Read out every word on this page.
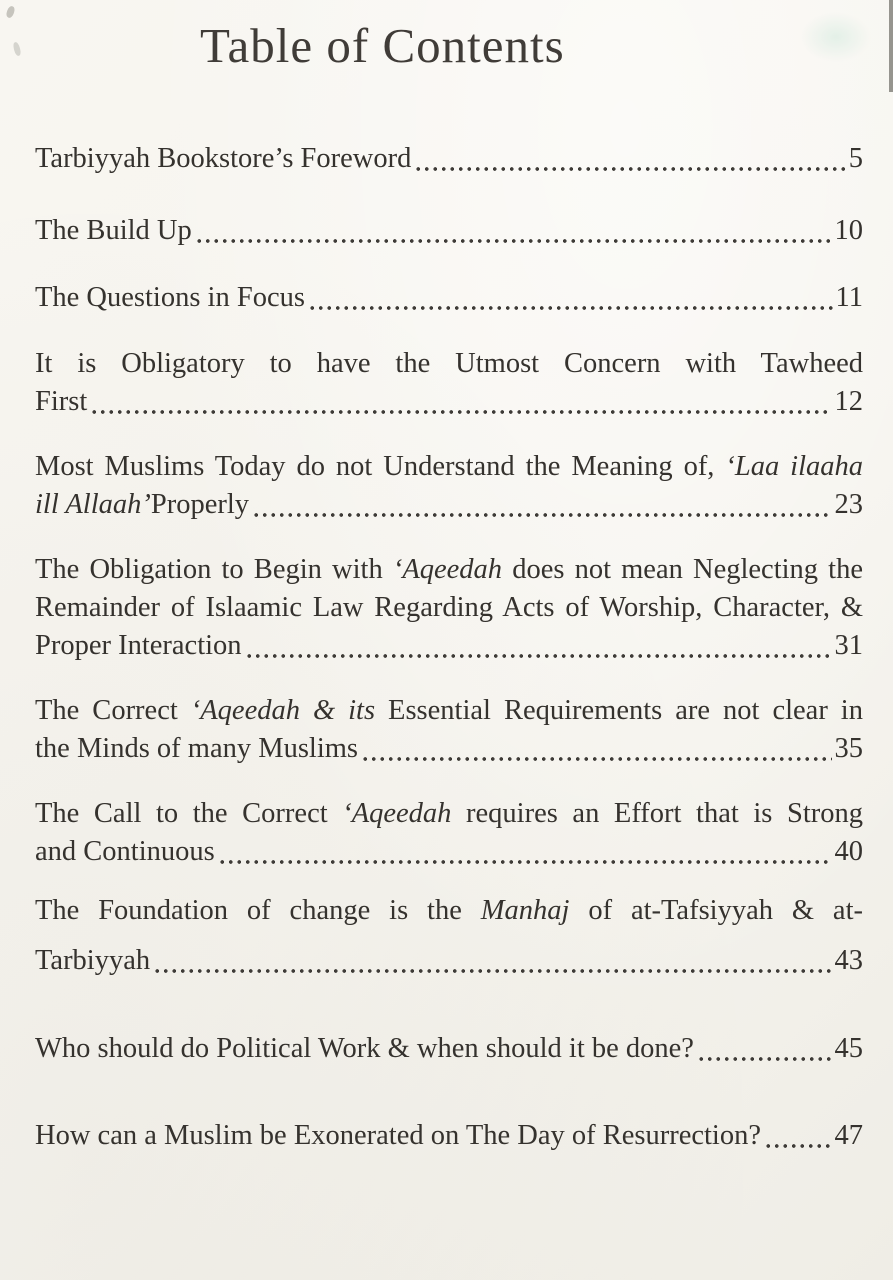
Table of Contents
Tarbiyyah Bookstore’s Foreword	5
The Build Up	10
The Questions in Focus	11
It is Obligatory to have the Utmost Concern with Tawheed
First	12
Most Muslims Today do not Understand the Meaning of, ‘Laa ilaaha
ill Allaah’Properly	23
The Obligation to Begin with ‘Aqeedah does not mean Neglecting the
Remainder of Islaamic Law Regarding Acts of Worship, Character, &
Proper Interaction	31
The Correct ‘Aqeedah & its Essential Requirements are not clear in
the Minds of many Muslims	35
The Call to the Correct ‘Aqeedah requires an Effort that is Strong
and Continuous	40
The Foundation of change is the Manhaj of at-Tafsiyyah & at-
Tarbiyyah	43
Who should do Political Work & when should it be done?	45
How can a Muslim be Exonerated on The Day of Resurrection?	47
